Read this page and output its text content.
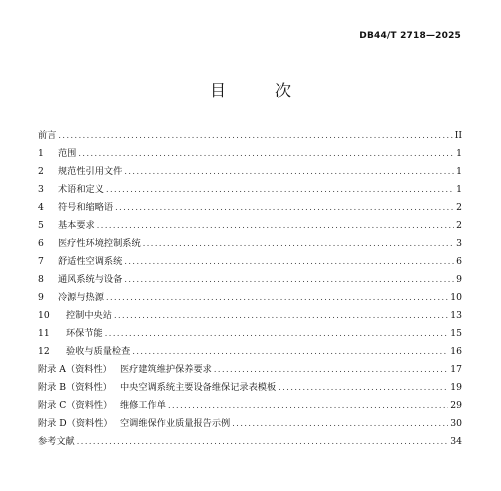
DB44/T 2718—2025
目 次
前言 .....	II
1	范围 .....	1
2	规范性引用文件 .....	1
3	术语和定义 .....	1
4	符号和缩略语 .....	2
5	基本要求 .....	2
6	医疗性环境控制系统 .....	3
7	舒适性空调系统 .....	6
8	通风系统与设备 .....	9
9	冷源与热源 .....	10
10	控制中央站 .....	13
11	环保节能 .....	15
12	验收与质量检查 .....	16
附录 A（资料性） 医疗建筑维护保养要求 .....	17
附录 B（资料性） 中央空调系统主要设备维保记录表模板 .....	19
附录 C（资料性） 维修工作单 .....	29
附录 D（资料性） 空调维保作业质量报告示例 .....	30
参考文献 .....	34
